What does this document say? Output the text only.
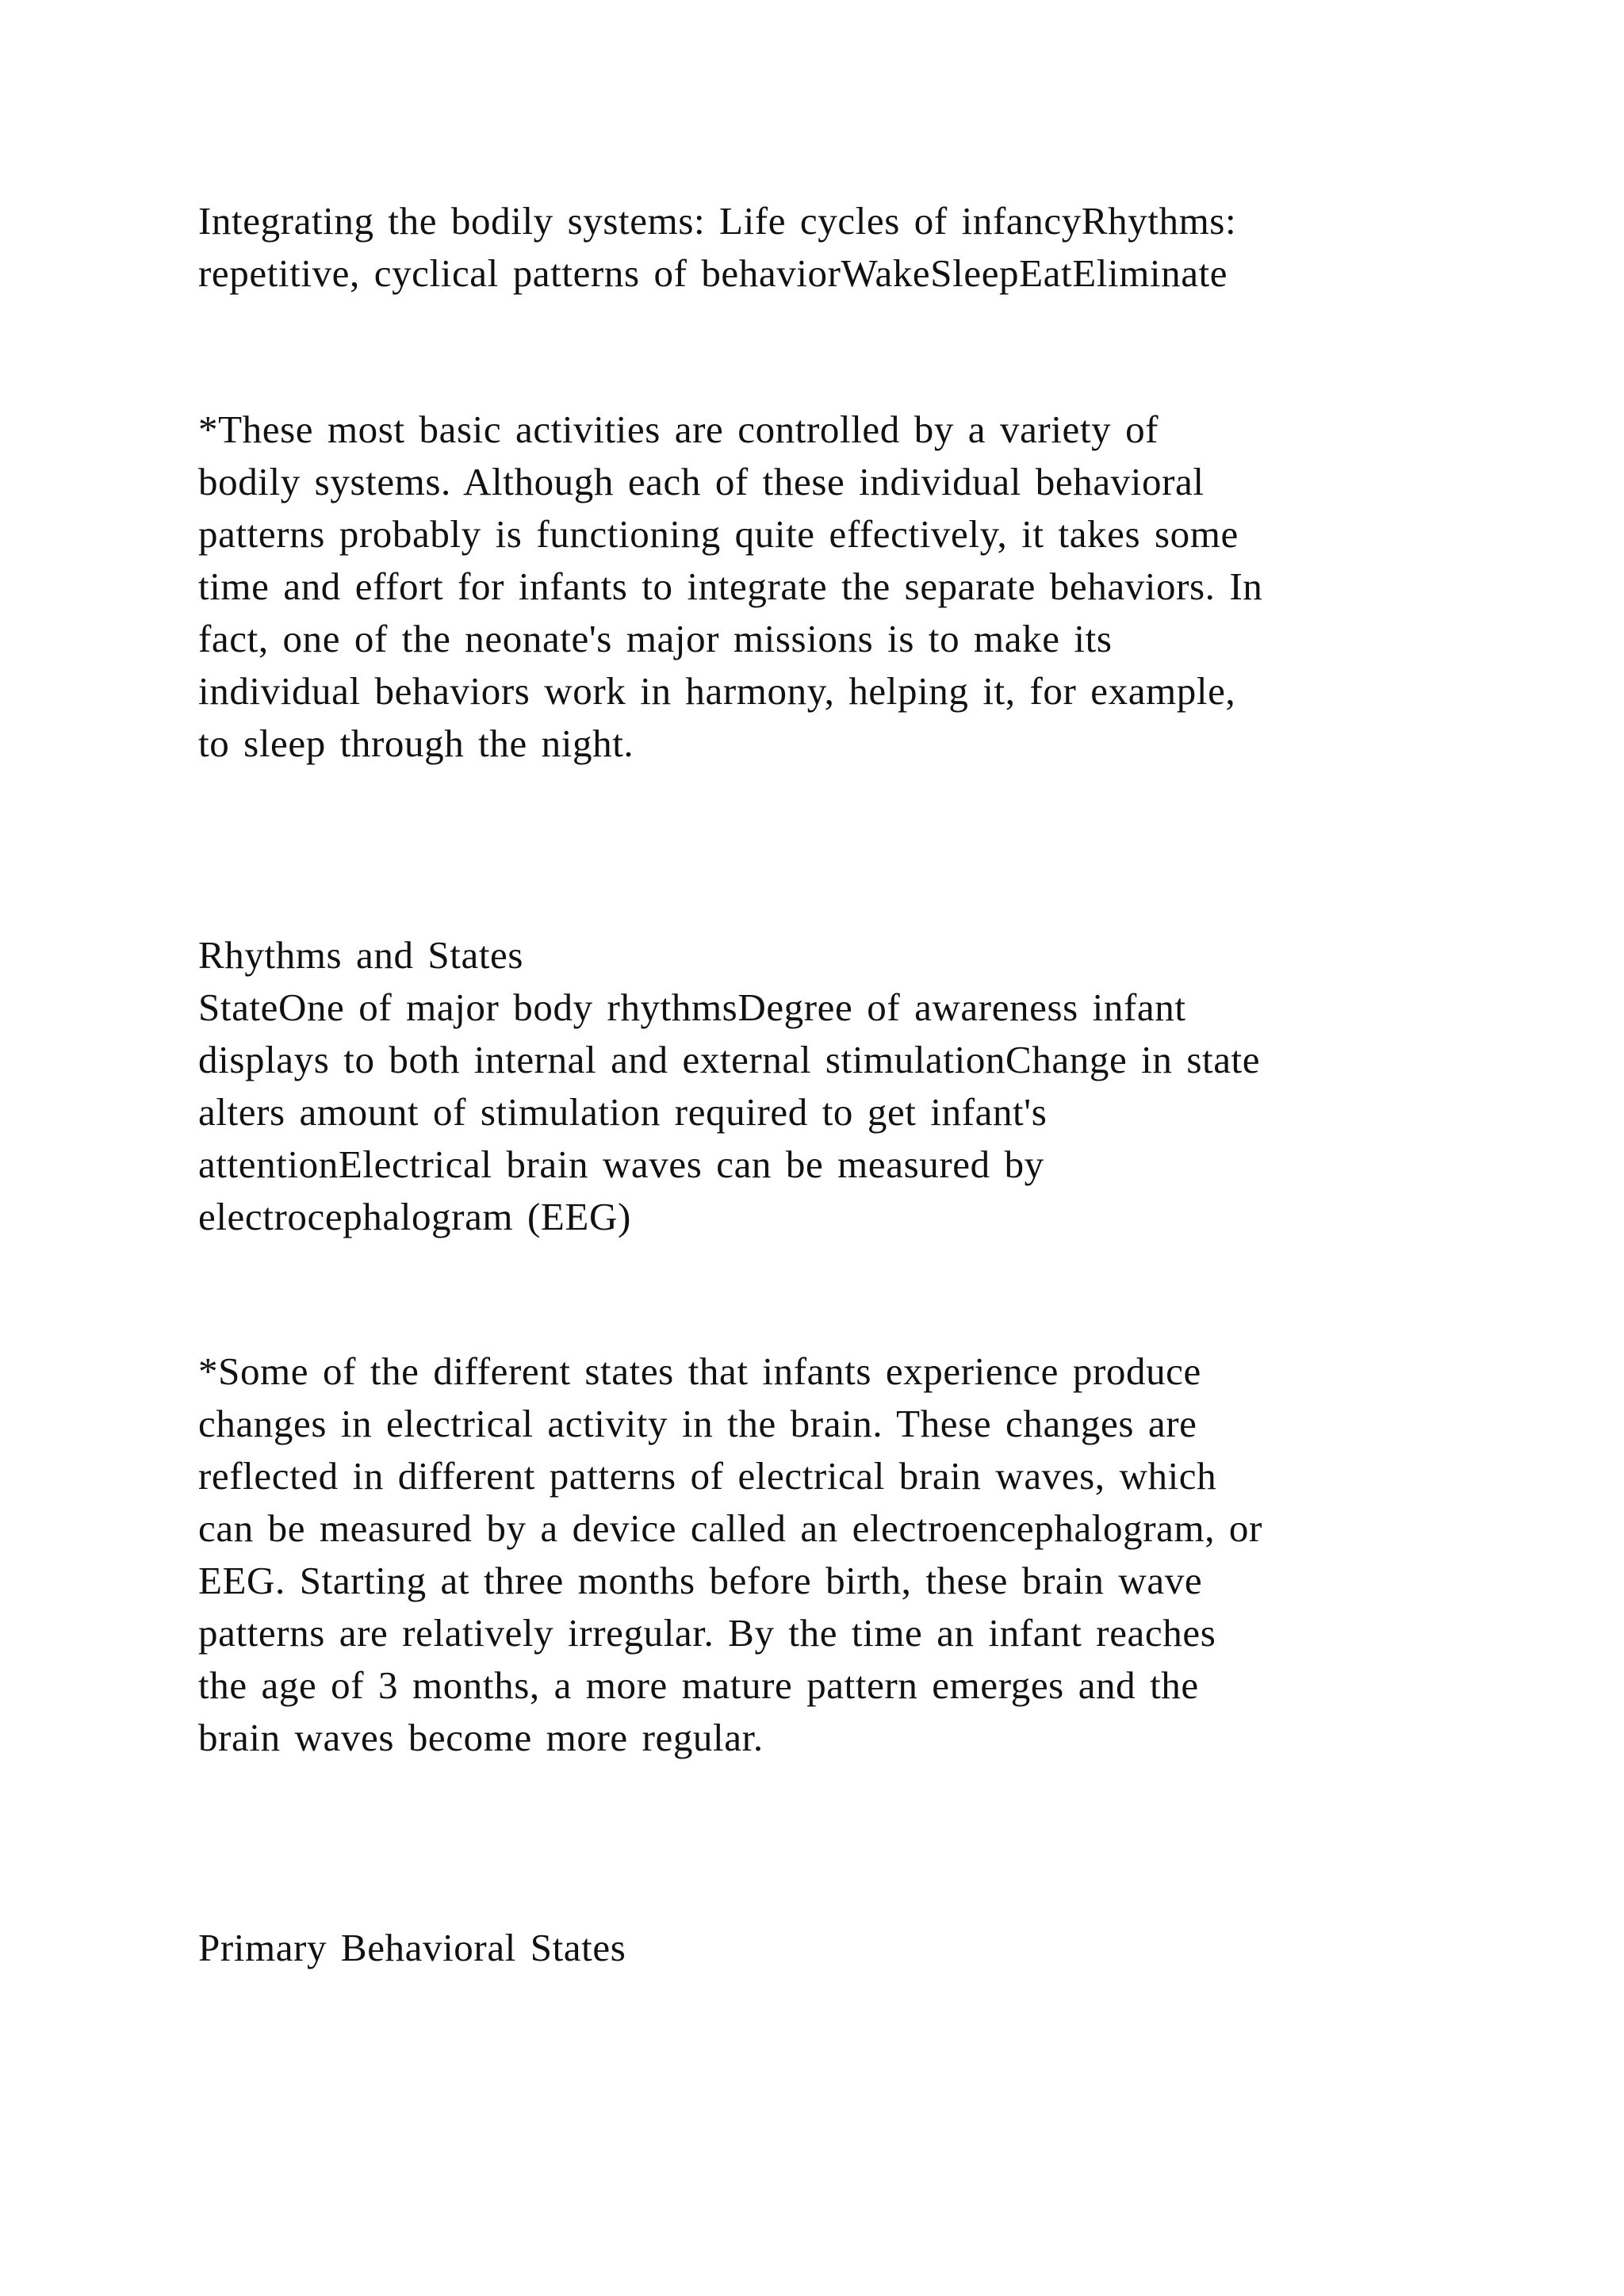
Integrating the bodily systems: Life cycles of infancyRhythms:
repetitive, cyclical patterns of behaviorWakeSleepEatEliminate

*These most basic activities are controlled by a variety of
bodily systems. Although each of these individual behavioral
patterns probably is functioning quite effectively, it takes some
time and effort for infants to integrate the separate behaviors. In
fact, one of the neonate's major missions is to make its
individual behaviors work in harmony, helping it, for example,
to sleep through the night.

Rhythms and States
StateOne of major body rhythmsDegree of awareness infant
displays to both internal and external stimulationChange in state
alters amount of stimulation required to get infant's
attentionElectrical brain waves can be measured by
electrocephalogram (EEG)

*Some of the different states that infants experience produce
changes in electrical activity in the brain. These changes are
reflected in different patterns of electrical brain waves, which
can be measured by a device called an electroencephalogram, or
EEG. Starting at three months before birth, these brain wave
patterns are relatively irregular. By the time an infant reaches
the age of 3 months, a more mature pattern emerges and the
brain waves become more regular.

Primary Behavioral States
